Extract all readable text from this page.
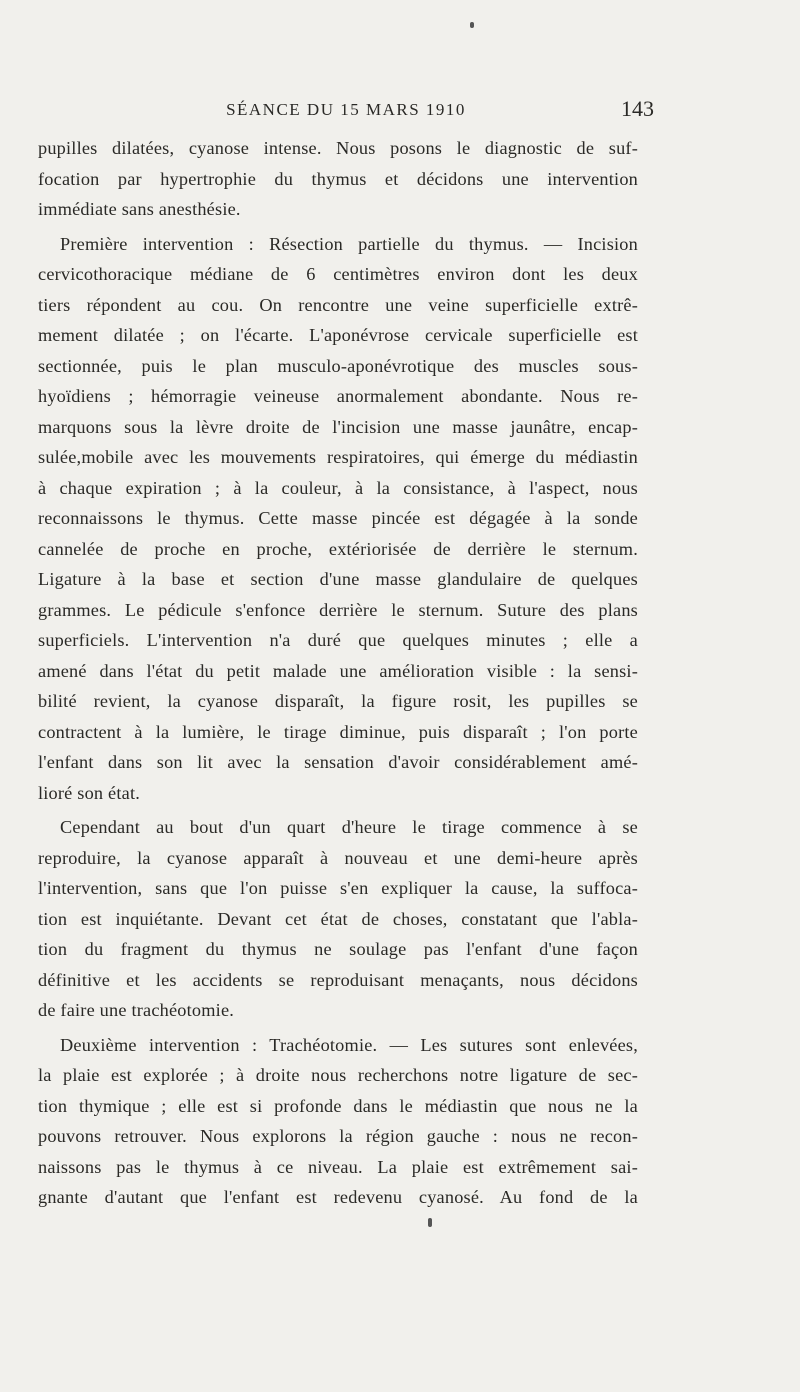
SÉANCE DU 15 MARS 1910	143
pupilles dilatées, cyanose intense. Nous posons le diagnostic de suf-
focation par hypertrophie du thymus et décidons une intervention
immédiate sans anesthésie.
Première intervention : Résection partielle du thymus. — Incision
cervicothoracique médiane de 6 centimètres environ dont les deux
tiers répondent au cou. On rencontre une veine superficielle extrê-
mement dilatée ; on l'écarte. L'aponévrose cervicale superficielle est
sectionnée, puis le plan musculo-aponévrotique des muscles sous-
hyoïdiens ; hémorragie veineuse anormalement abondante. Nous re-
marquons sous la lèvre droite de l'incision une masse jaunâtre, encap-
sulée,mobile avec les mouvements respiratoires, qui émerge du médiastin
à chaque expiration ; à la couleur, à la consistance, à l'aspect, nous
reconnaissons le thymus. Cette masse pincée est dégagée à la sonde
cannelée de proche en proche, extériorisée de derrière le sternum.
Ligature à la base et section d'une masse glandulaire de quelques
grammes. Le pédicule s'enfonce derrière le sternum. Suture des plans
superficiels. L'intervention n'a duré que quelques minutes ; elle a
amené dans l'état du petit malade une amélioration visible : la sensi-
bilité revient, la cyanose disparaît, la figure rosit, les pupilles se
contractent à la lumière, le tirage diminue, puis disparaît ; l'on porte
l'enfant dans son lit avec la sensation d'avoir considérablement amé-
lioré son état.
Cependant au bout d'un quart d'heure le tirage commence à se
reproduire, la cyanose apparaît à nouveau et une demi-heure après
l'intervention, sans que l'on puisse s'en expliquer la cause, la suffoca-
tion est inquiétante. Devant cet état de choses, constatant que l'abla-
tion du fragment du thymus ne soulage pas l'enfant d'une façon
définitive et les accidents se reproduisant menaçants, nous décidons
de faire une trachéotomie.
Deuxième intervention : Trachéotomie. — Les sutures sont enlevées,
la plaie est explorée ; à droite nous recherchons notre ligature de sec-
tion thymique ; elle est si profonde dans le médiastin que nous ne la
pouvons retrouver. Nous explorons la région gauche : nous ne recon-
naissons pas le thymus à ce niveau. La plaie est extrêmement sai-
gnante d'autant que l'enfant est redevenu cyanosé. Au fond de la
